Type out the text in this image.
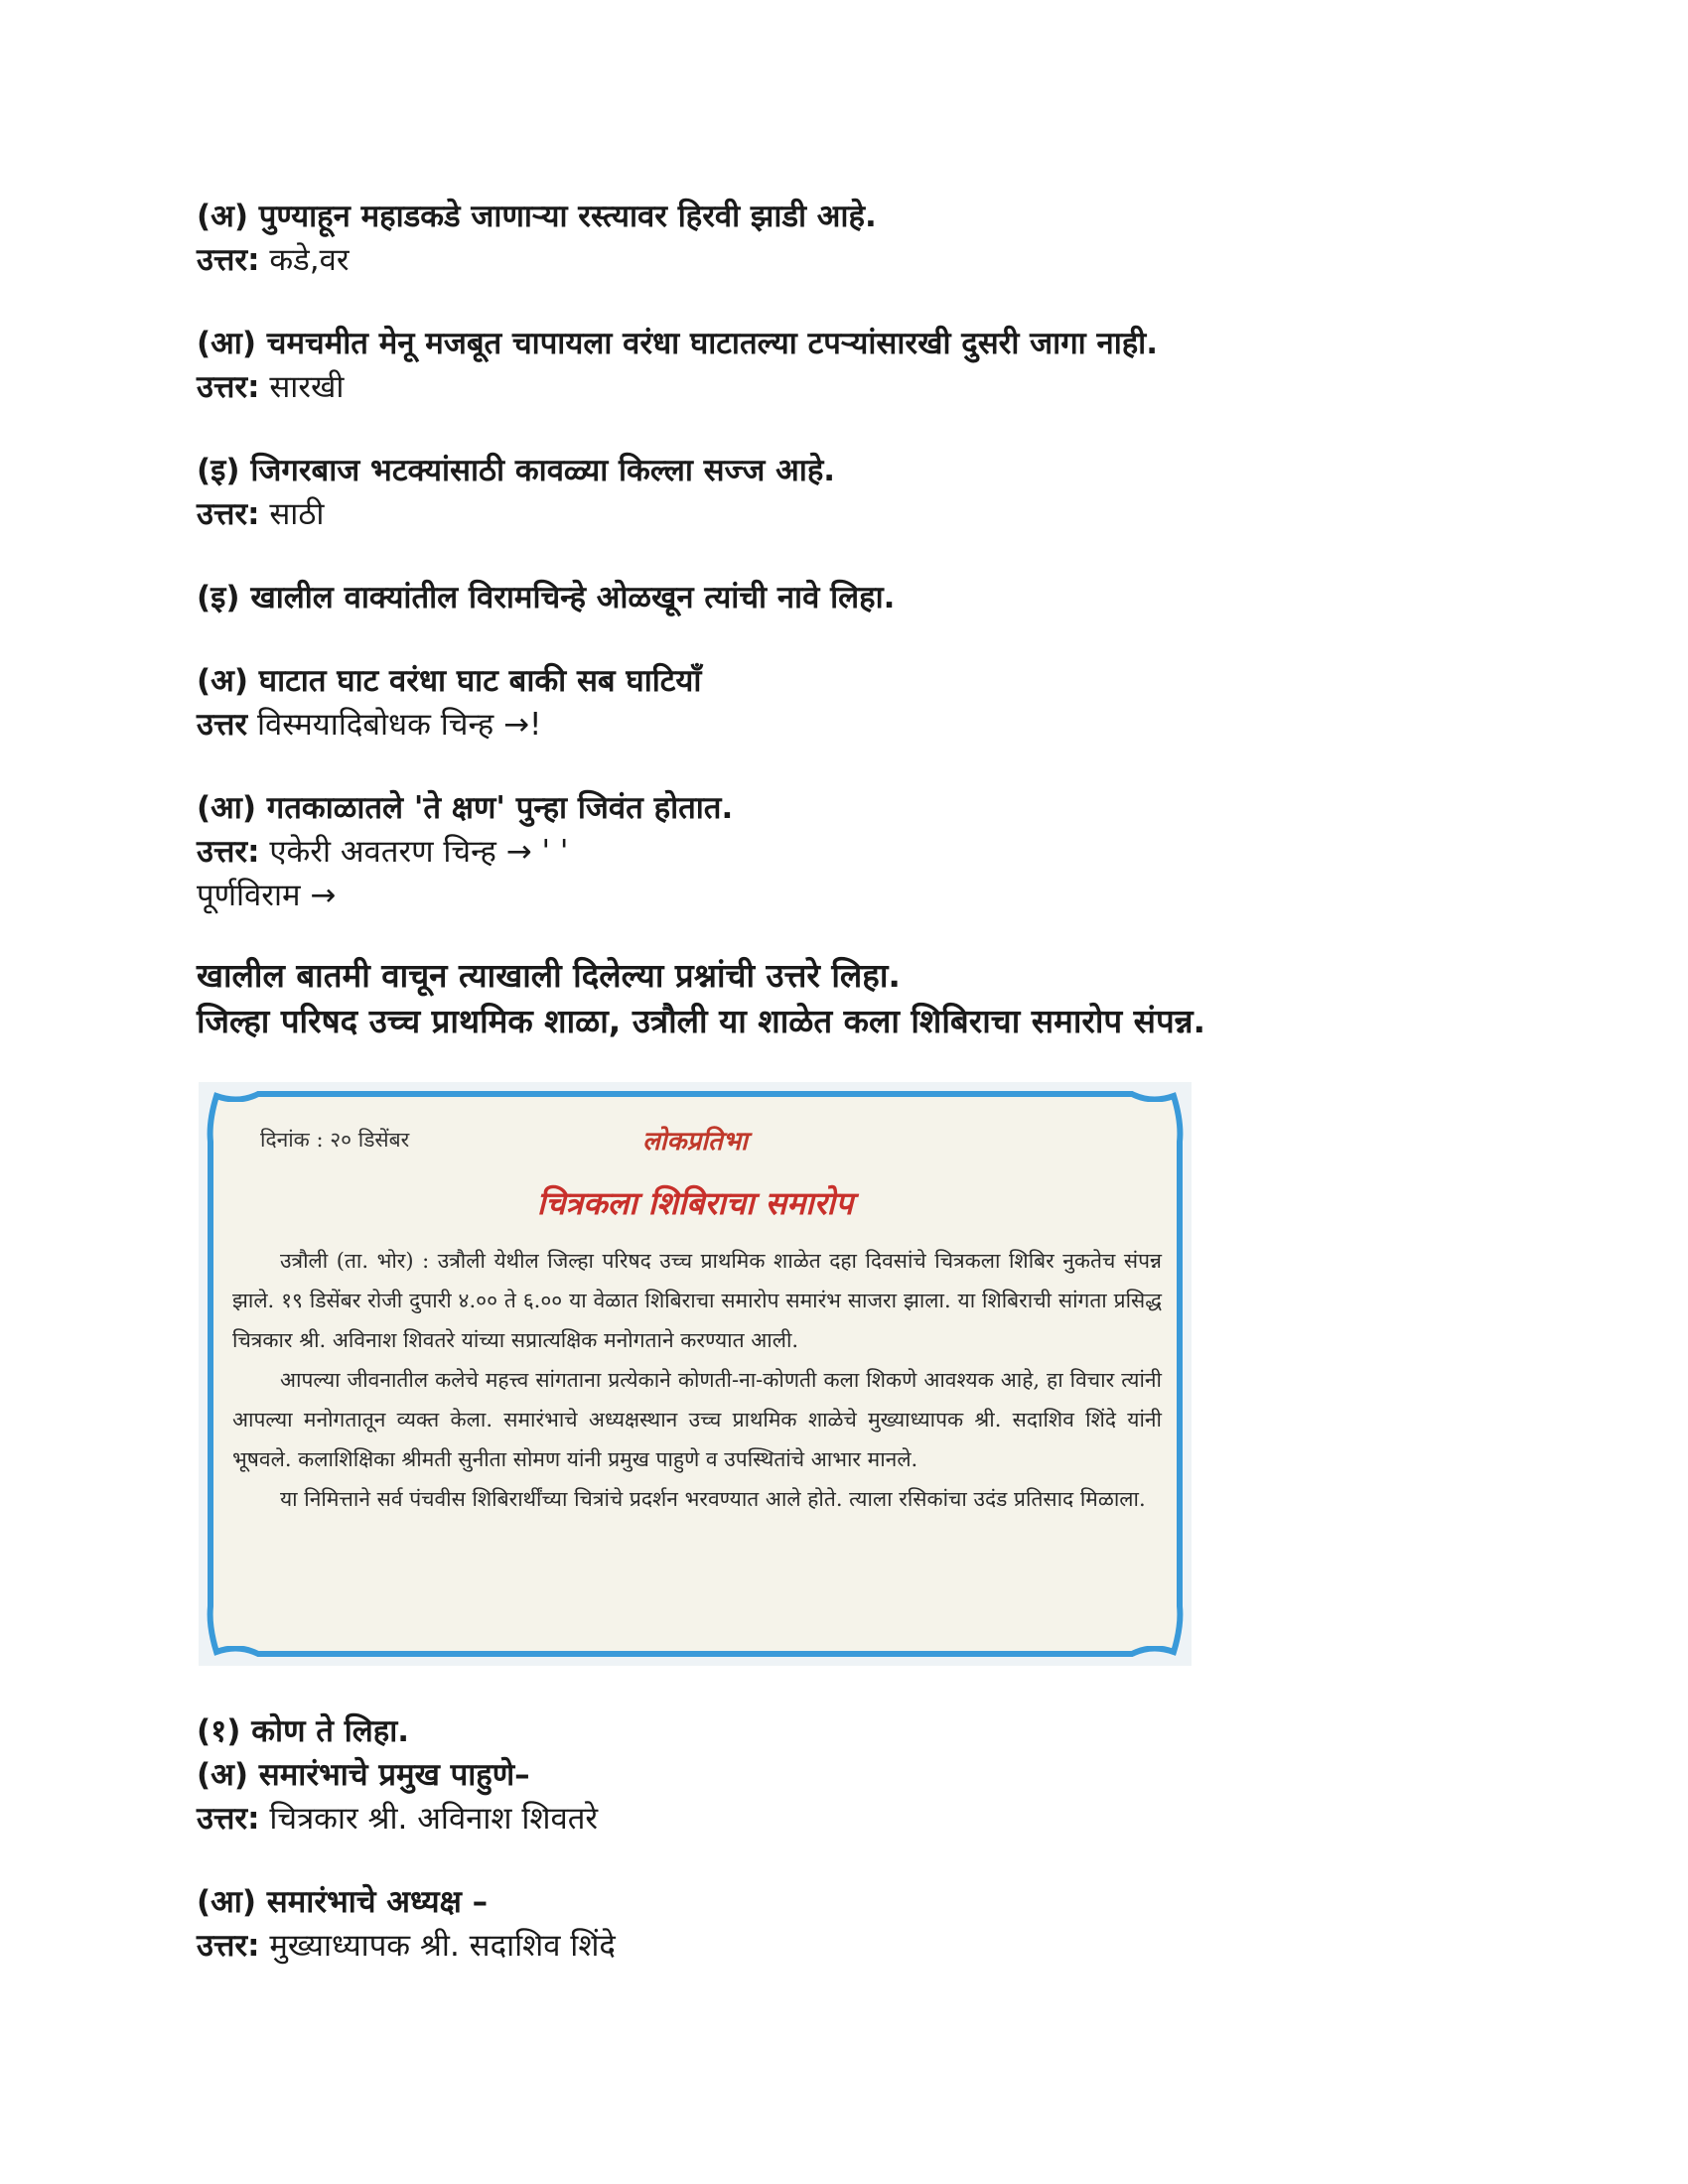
(अ) पुण्याहून महाडकडे जाणाऱ्या रस्त्यावर हिरवी झाडी आहे.
उत्तर: कडे,वर
(आ) चमचमीत मेनू मजबूत चापायला वरंधा घाटातल्या टपऱ्यांसारखी दुसरी जागा नाही.
उत्तर: सारखी
(इ) जिगरबाज भटक्यांसाठी कावळ्या किल्ला सज्ज आहे.
उत्तर: साठी
(इ) खालील वाक्यांतील विरामचिन्हे ओळखून त्यांची नावे लिहा.
(अ) घाटात घाट वरंधा घाट बाकी सब घाटियाँ
उत्तर विस्मयादिबोधक चिन्ह →!
(आ) गतकाळातले 'ते क्षण' पुन्हा जिवंत होतात.
उत्तर: एकेरी अवतरण चिन्ह → ' '
पूर्णविराम →
खालील बातमी वाचून त्याखाली दिलेल्या प्रश्नांची उत्तरे लिहा.
जिल्हा परिषद उच्च प्राथमिक शाळा, उत्रौली या शाळेत कला शिबिराचा समारोप संपन्न.
दिनांक : २० डिसेंबर	लोकप्रतिभा
चित्रकला शिबिराचा समारोप

उत्रौली (ता. भोर) : उत्रौली येथील जिल्हा परिषद उच्च प्राथमिक शाळेत दहा दिवसांचे चित्रकला शिबिर नुकतेच संपन्न झाले. १९ डिसेंबर रोजी दुपारी ४.०० ते ६.०० या वेळात शिबिराचा समारोप समारंभ साजरा झाला. या शिबिराची सांगता प्रसिद्ध चित्रकार श्री. अविनाश शिवतरे यांच्या सप्रात्यक्षिक मनोगताने करण्यात आली.

आपल्या जीवनातील कलेचे महत्त्व सांगताना प्रत्येकाने कोणती-ना-कोणती कला शिकणे आवश्यक आहे, हा विचार त्यांनी आपल्या मनोगतातून व्यक्त केला. समारंभाचे अध्यक्षस्थान उच्च प्राथमिक शाळेचे मुख्याध्यापक श्री. सदाशिव शिंदे यांनी भूषवले. कलाशिक्षिका श्रीमती सुनीता सोमण यांनी प्रमुख पाहुणे व उपस्थितांचे आभार मानले.

या निमित्ताने सर्व पंचवीस शिबिरार्थींच्या चित्रांचे प्रदर्शन भरवण्यात आले होते. त्याला रसिकांचा उदंड प्रतिसाद मिळाला.

(१) कोण ते लिहा.
(अ) समारंभाचे प्रमुख पाहुणे–
उत्तर: चित्रकार श्री. अविनाश शिवतरे
(आ) समारंभाचे अध्यक्ष –
उत्तर: मुख्याध्यापक श्री. सदाशिव शिंदे
